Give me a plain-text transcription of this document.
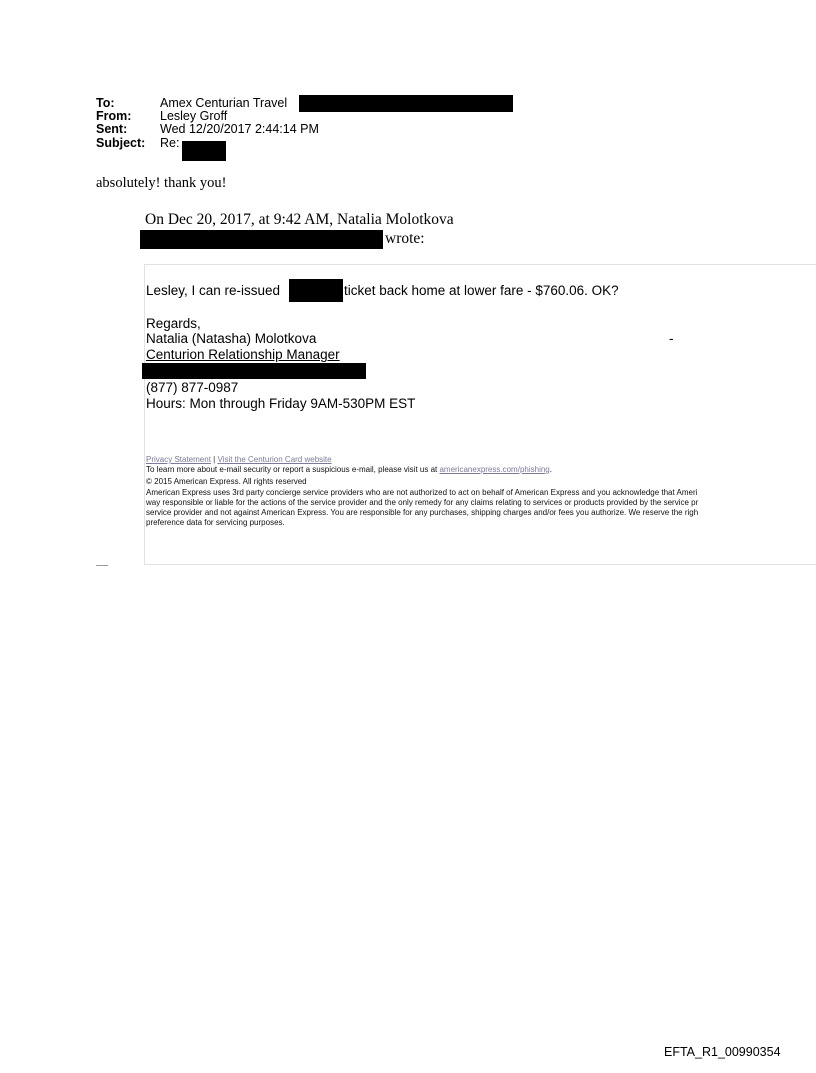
To:	Amex Centurian Travel
From: Lesley Groff
Sent:	Wed 12/20/2017 2:44:14 PM
Subject: Re:
absolutely! thank you!
On Dec 20, 2017, at 9:42 AM, Natalia Molotkova
wrote:
Lesley, I can re-issued	ticket back home at lower fare - $760.06. OK?
Regards,
Natalia (Natasha) Molotkova	-
Centurion Relationship Manager
(877) 877-0987
Hours: Mon through Friday 9AM-530PM EST
Privacy Statement | Visit the Centurion Card website
To learn more about e-mail security or report a suspicious e-mail, please visit us at americanexpress.com/phishing.
© 2015 American Express. All rights reserved
American Express uses 3rd party concierge service providers who are not authorized to act on behalf of American Express and you acknowledge that Ameri
way responsible or liable for the actions of the service provider and the only remedy for any claims relating to services or products provided by the service pr
service provider and not against American Express. You are responsible for any purchases, shipping charges and/or fees you authorize. We reserve the righ
preference data for servicing purposes.
EFTA_R1_00990354
